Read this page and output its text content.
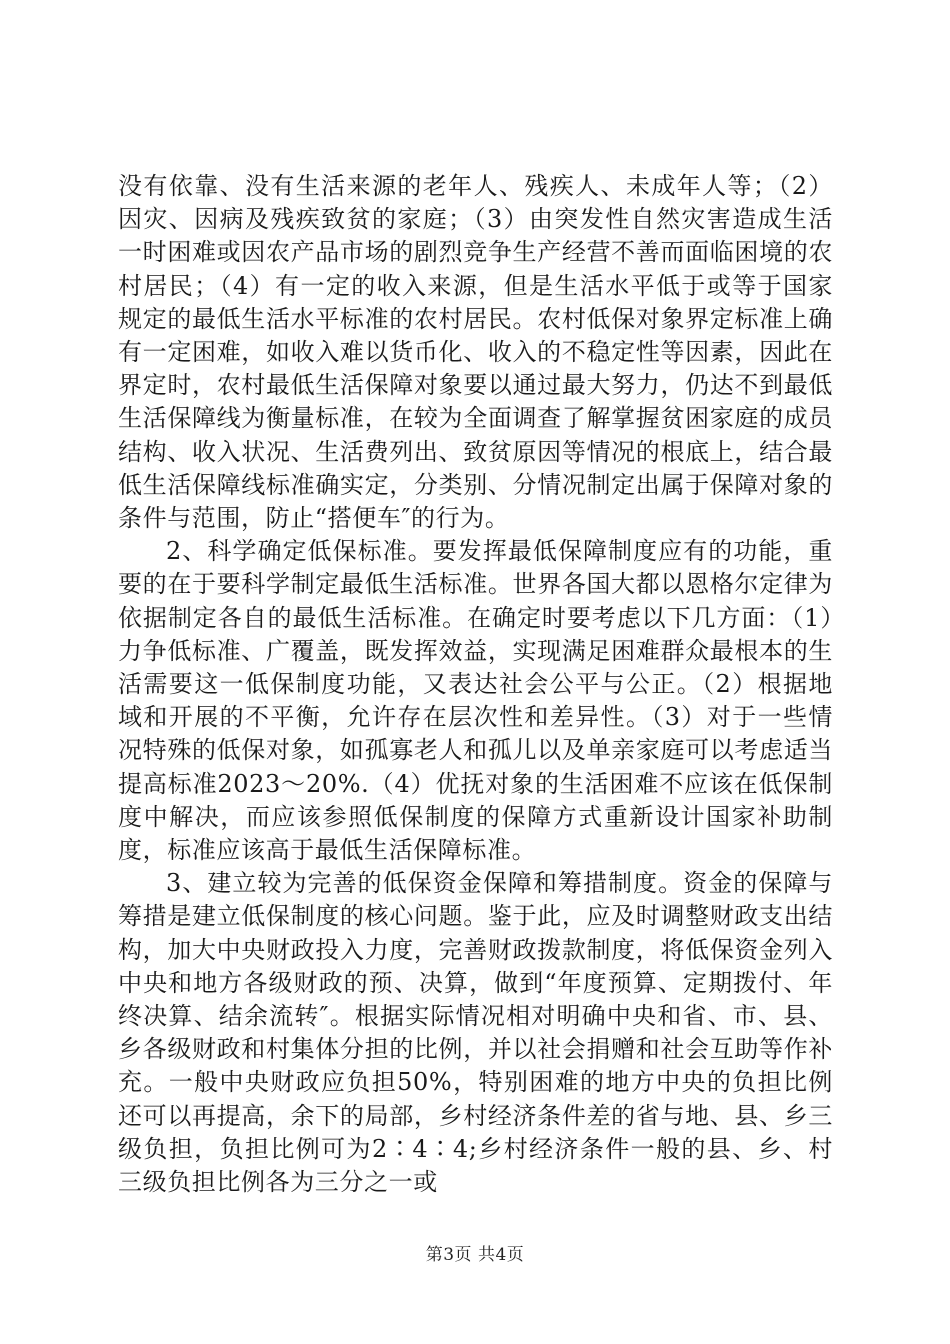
没有依靠、没有生活来源的老年人、残疾人、未成年人等；（2）因灾、因病及残疾致贫的家庭；（3）由突发性自然灾害造成生活一时困难或因农产品市场的剧烈竞争生产经营不善而面临困境的农村居民；（4）有一定的收入来源，但是生活水平低于或等于国家规定的最低生活水平标准的农村居民。农村低保对象界定标准上确有一定困难，如收入难以货币化、收入的不稳定性等因素，因此在界定时，农村最低生活保障对象要以通过最大努力，仍达不到最低生活保障线为衡量标准，在较为全面调查了解掌握贫困家庭的成员结构、收入状况、生活费列出、致贫原因等情况的根底上，结合最低生活保障线标准确实定，分类别、分情况制定出属于保障对象的条件与范围，防止“搭便车″的行为。

2、科学确定低保标准。要发挥最低保障制度应有的功能，重要的在于要科学制定最低生活标准。世界各国大都以恩格尔定律为依据制定各自的最低生活标准。在确定时要考虑以下几方面：（1）力争低标准、广覆盖，既发挥效益，实现满足困难群众最根本的生活需要这一低保制度功能，又表达社会公平与公正。（2）根据地域和开展的不平衡，允许存在层次性和差异性。（3）对于一些情况特殊的低保对象，如孤寡老人和孤儿以及单亲家庭可以考虑适当提高标准2023～20%.（4）优抚对象的生活困难不应该在低保制度中解决，而应该参照低保制度的保障方式重新设计国家补助制度，标准应该高于最低生活保障标准。

3、建立较为完善的低保资金保障和筹措制度。资金的保障与筹措是建立低保制度的核心问题。鉴于此，应及时调整财政支出结构，加大中央财政投入力度，完善财政拨款制度，将低保资金列入中央和地方各级财政的预、决算，做到“年度预算、定期拨付、年终决算、结余流转″。根据实际情况相对明确中央和省、市、县、乡各级财政和村集体分担的比例，并以社会捐赠和社会互助等作补充。一般中央财政应负担50%，特别困难的地方中央的负担比例还可以再提高，余下的局部，乡村经济条件差的省与地、县、乡三级负担，负担比例可为2∶4∶4;乡村经济条件一般的县、乡、村三级负担比例各为三分之一或

第3页 共4页
